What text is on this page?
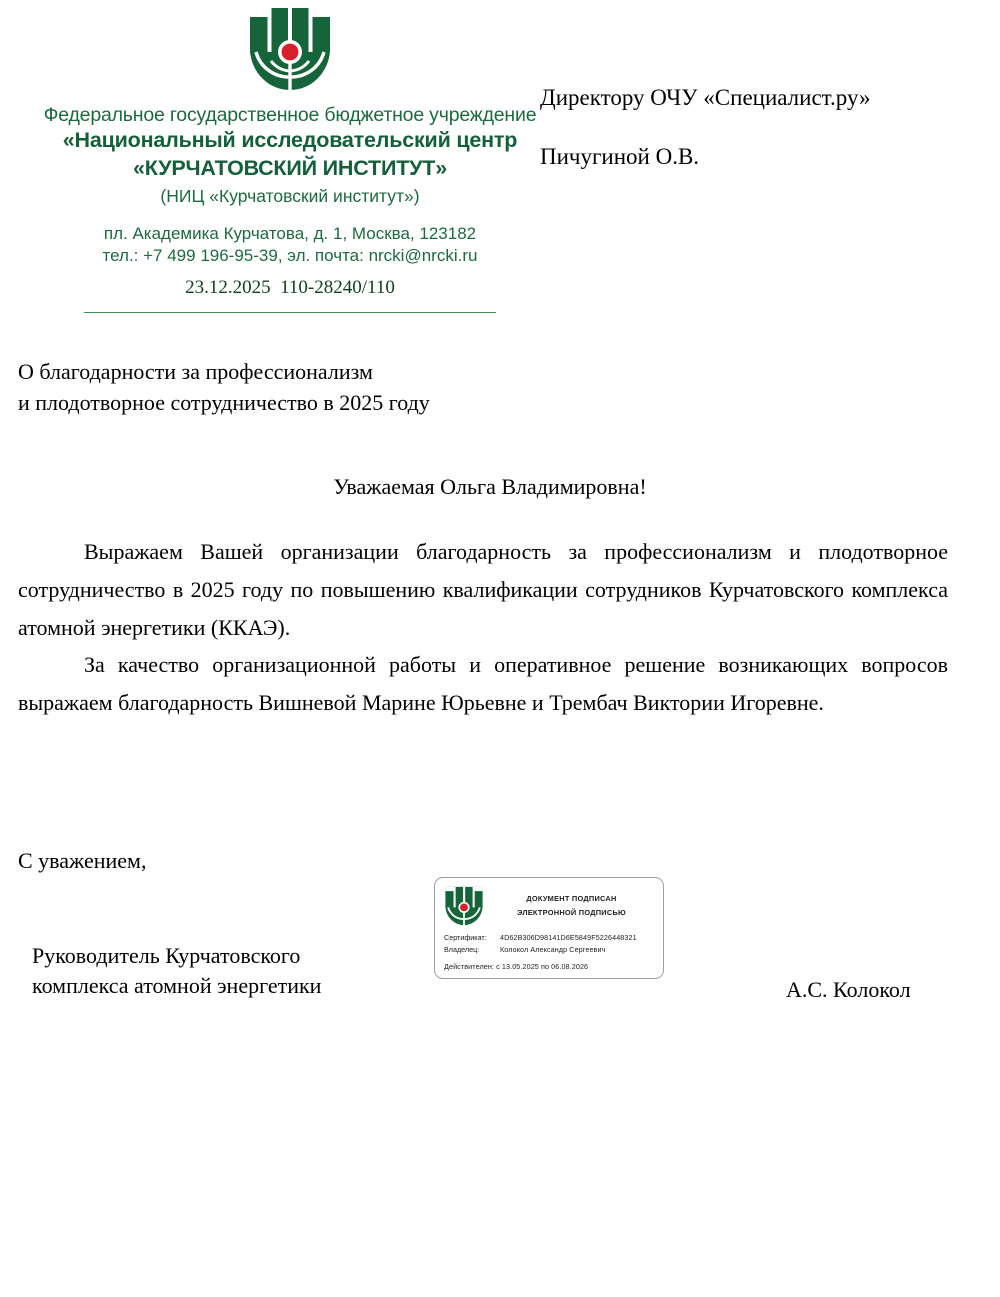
Федеральное государственное бюджетное учреждение
«Национальный исследовательский центр
«КУРЧАТОВСКИЙ ИНСТИТУТ»
(НИЦ «Курчатовский институт»)
пл. Академика Курчатова, д. 1, Москва, 123182
тел.: +7 499 196-95-39, эл. почта: nrcki@nrcki.ru
23.12.2025 110-28240/110
Директору ОЧУ «Специалист.ру»
Пичугиной О.В.
О благодарности за профессионализм
и плодотворное сотрудничество в 2025 году
Уважаемая Ольга Владимировна!

Выражаем Вашей организации благодарность за профессионализм и плодотворное сотрудничество в 2025 году по повышению квалификации сотрудников Курчатовского комплекса атомной энергетики (ККАЭ).

За качество организационной работы и оперативное решение возникающих вопросов выражаем благодарность Вишневой Марине Юрьевне и Трембач Виктории Игоревне.

С уважением,
Руководитель Курчатовского
комплекса атомной энергетики	А.С. Колокол
ДОКУМЕНТ ПОДПИСАН
ЭЛЕКТРОННОЙ ПОДПИСЬЮ
Сертификат:	4D62B306D98141D6E5849F5226448321
Владелец:	Колокол Александр Сергеевич
Действителен: с 13.05.2025 по 06.08.2026
